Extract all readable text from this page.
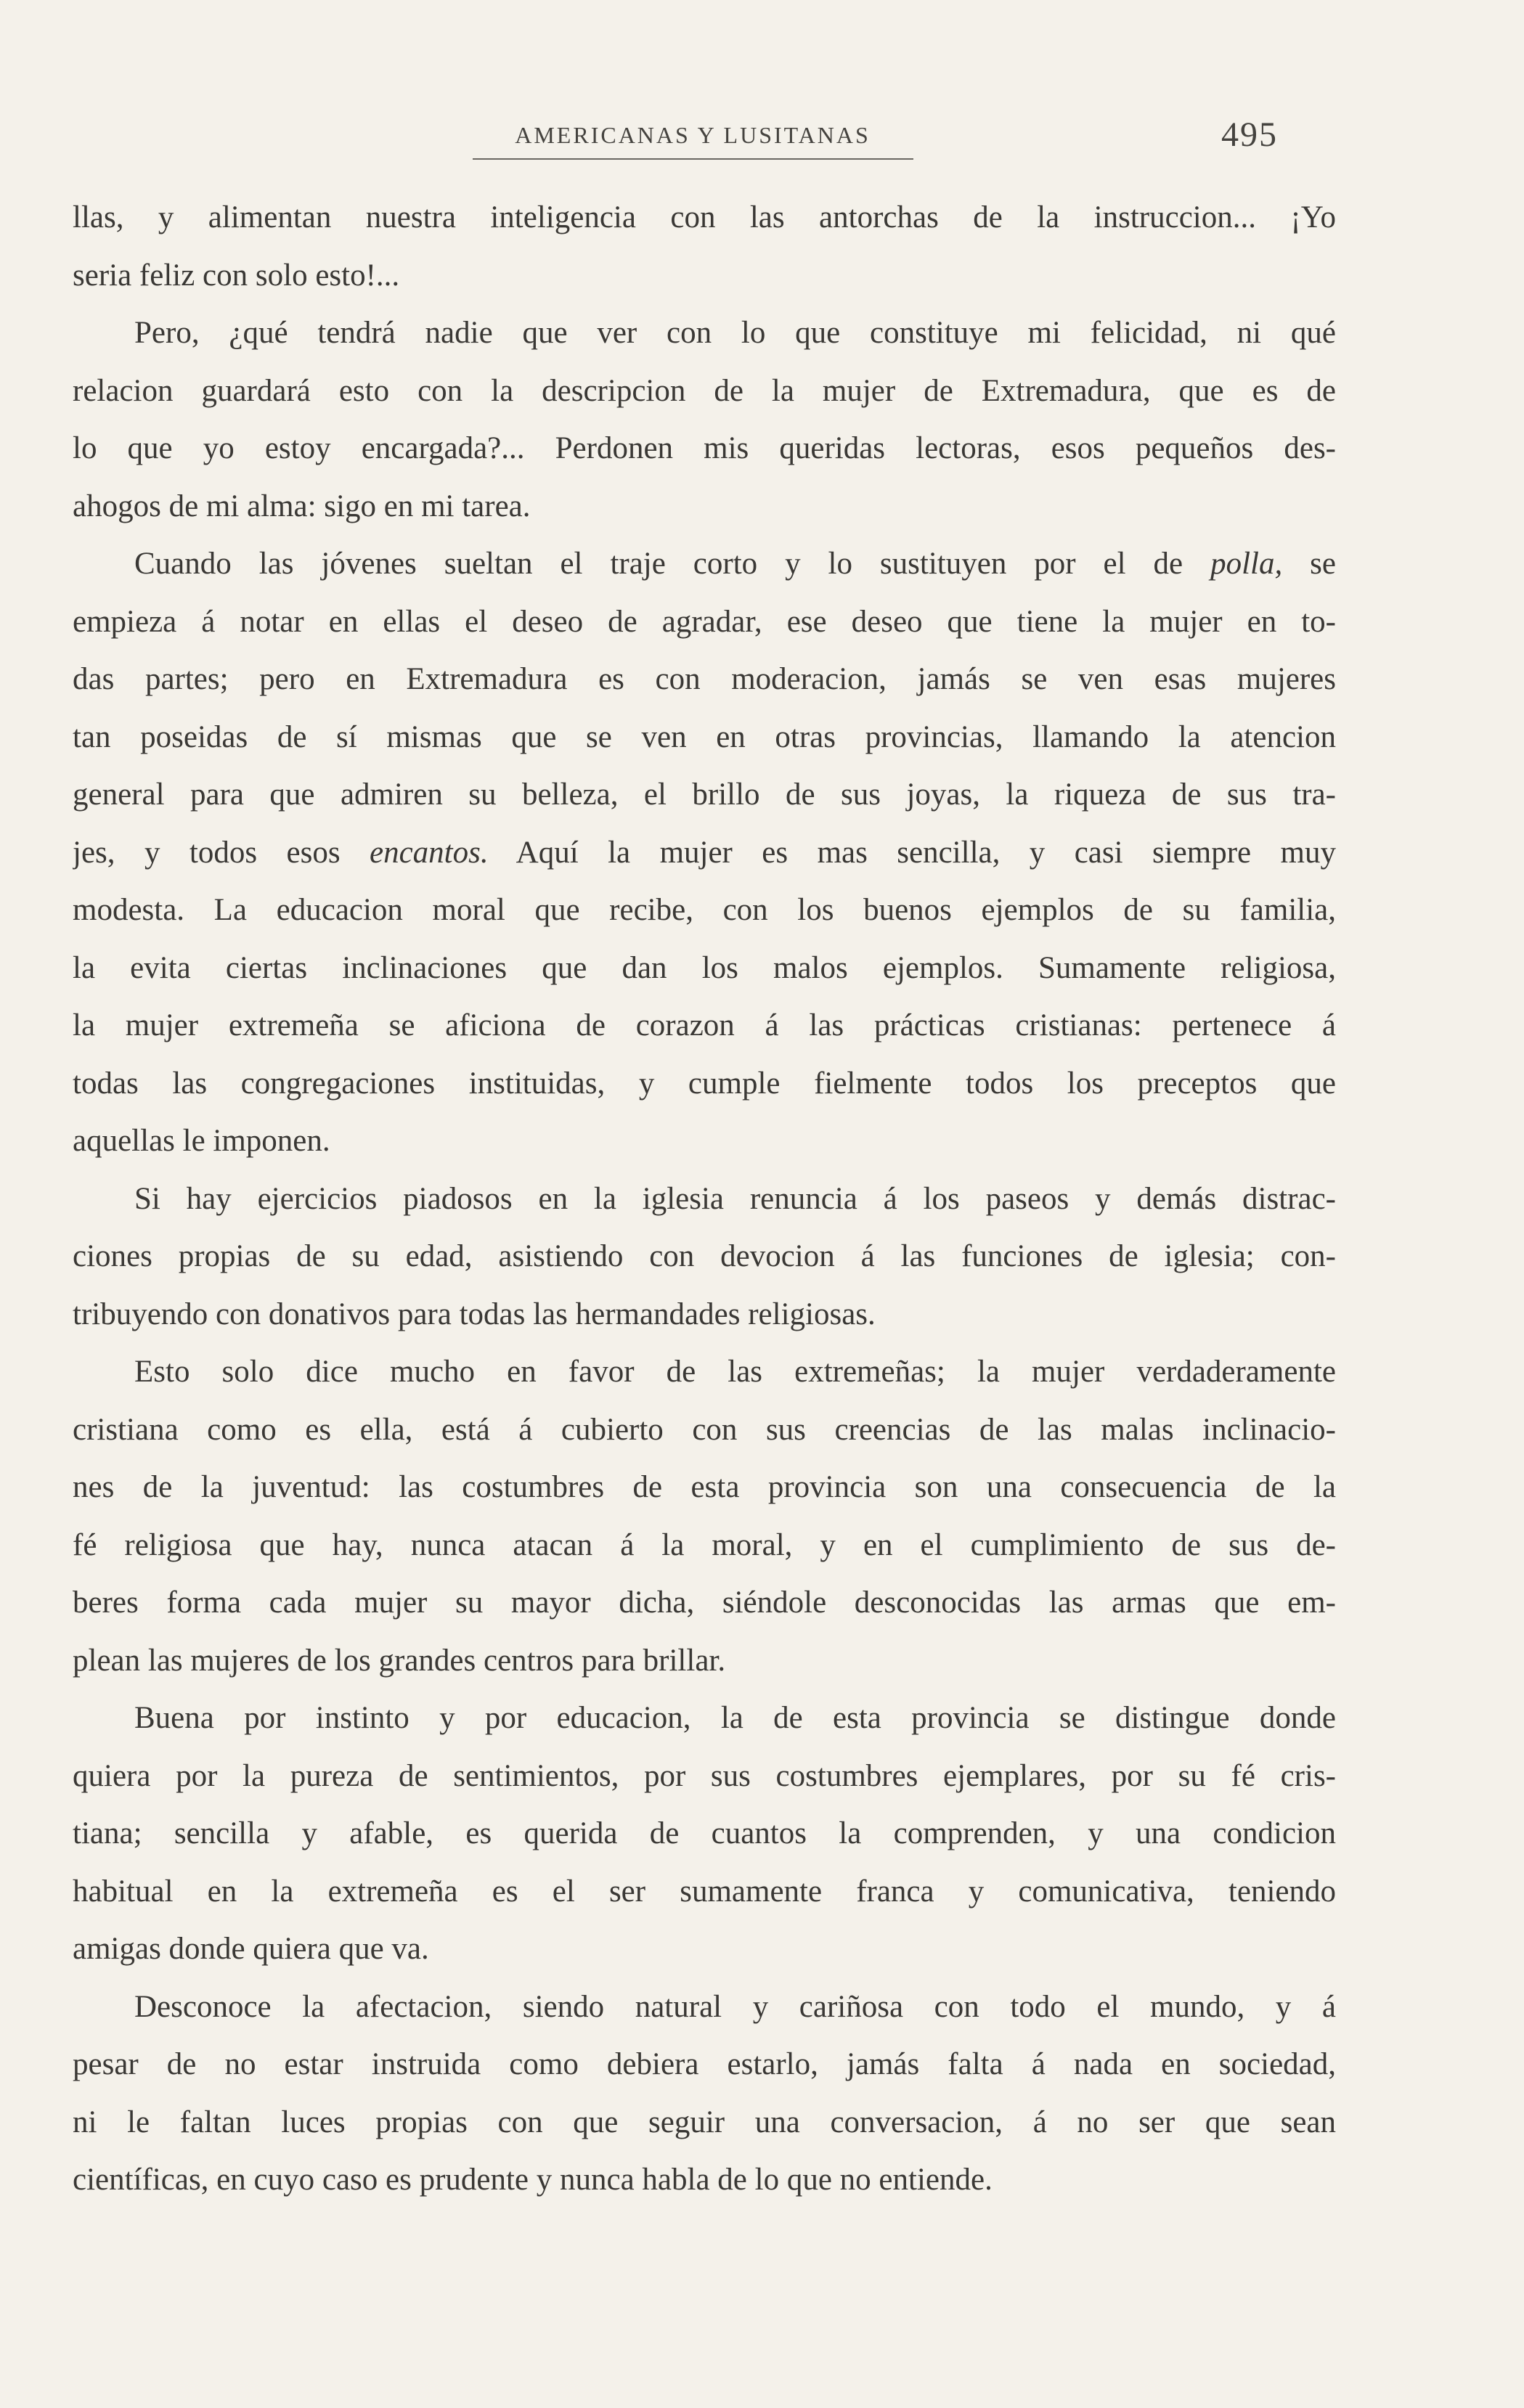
AMERICANAS Y LUSITANAS	495

llas, y alimentan nuestra inteligencia con las antorchas de la instruccion... ¡Yo
seria feliz con solo esto!...

Pero, ¿qué tendrá nadie que ver con lo que constituye mi felicidad, ni qué
relacion guardará esto con la descripcion de la mujer de Extremadura, que es de
lo que yo estoy encargada?... Perdonen mis queridas lectoras, esos pequeños des-
ahogos de mi alma: sigo en mi tarea.

Cuando las jóvenes sueltan el traje corto y lo sustituyen por el de polla, se
empieza á notar en ellas el deseo de agradar, ese deseo que tiene la mujer en to-
das partes; pero en Extremadura es con moderacion, jamás se ven esas mujeres
tan poseidas de sí mismas que se ven en otras provincias, llamando la atencion
general para que admiren su belleza, el brillo de sus joyas, la riqueza de sus tra-
jes, y todos esos encantos. Aquí la mujer es mas sencilla, y casi siempre muy
modesta. La educacion moral que recibe, con los buenos ejemplos de su familia,
la evita ciertas inclinaciones que dan los malos ejemplos. Sumamente religiosa,
la mujer extremeña se aficiona de corazon á las prácticas cristianas: pertenece á
todas las congregaciones instituidas, y cumple fielmente todos los preceptos que
aquellas le imponen.

Si hay ejercicios piadosos en la iglesia renuncia á los paseos y demás distrac-
ciones propias de su edad, asistiendo con devocion á las funciones de iglesia; con-
tribuyendo con donativos para todas las hermandades religiosas.

Esto solo dice mucho en favor de las extremeñas; la mujer verdaderamente
cristiana como es ella, está á cubierto con sus creencias de las malas inclinacio-
nes de la juventud: las costumbres de esta provincia son una consecuencia de la
fé religiosa que hay, nunca atacan á la moral, y en el cumplimiento de sus de-
beres forma cada mujer su mayor dicha, siéndole desconocidas las armas que em-
plean las mujeres de los grandes centros para brillar.

Buena por instinto y por educacion, la de esta provincia se distingue donde
quiera por la pureza de sentimientos, por sus costumbres ejemplares, por su fé cris-
tiana; sencilla y afable, es querida de cuantos la comprenden, y una condicion
habitual en la extremeña es el ser sumamente franca y comunicativa, teniendo
amigas donde quiera que va.

Desconoce la afectacion, siendo natural y cariñosa con todo el mundo, y á
pesar de no estar instruida como debiera estarlo, jamás falta á nada en sociedad,
ni le faltan luces propias con que seguir una conversacion, á no ser que sean
científicas, en cuyo caso es prudente y nunca habla de lo que no entiende.
